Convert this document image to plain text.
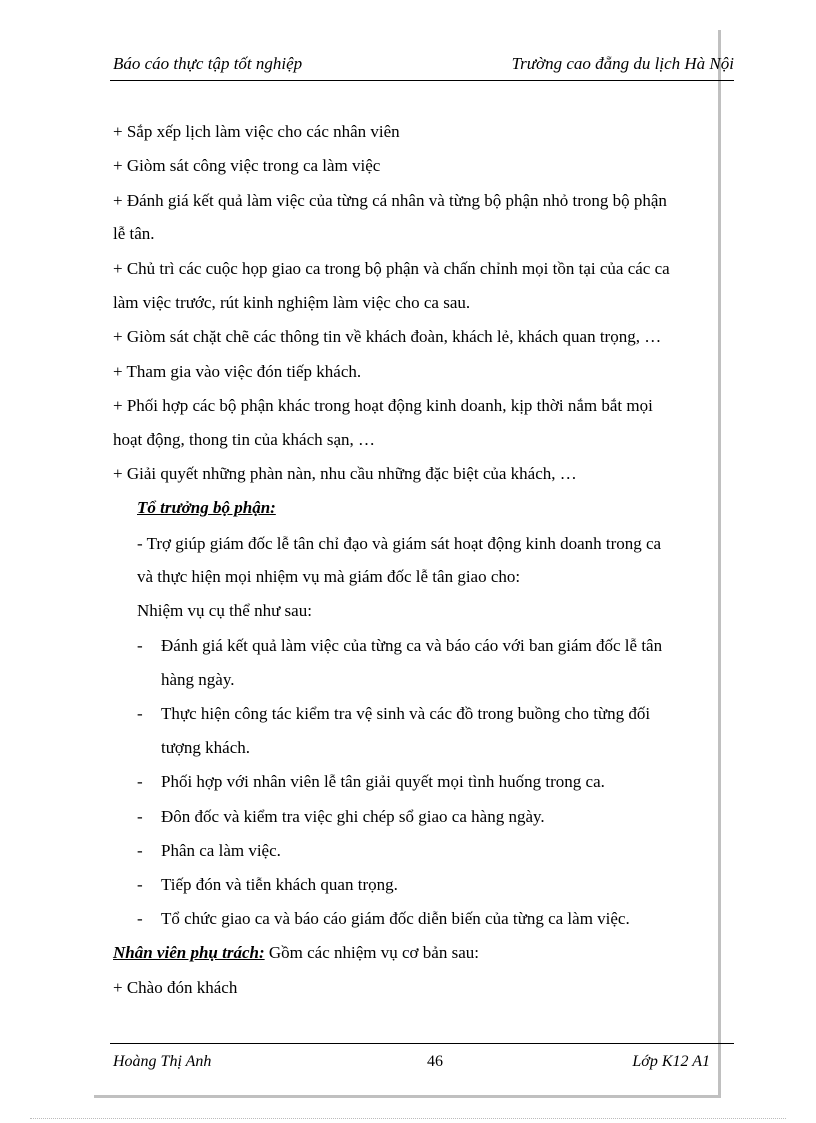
Báo cáo thực tập tốt nghiệp	Trường cao đẵng du lịch Hà Nội
+ Sắp xếp lịch làm việc cho các nhân viên
+ Giòm sát công việc trong ca làm việc
+ Đánh giá kết quả làm việc của từng cá nhân và từng bộ phận nhỏ trong bộ phận
lễ tân.
+ Chủ trì các cuộc họp giao ca trong bộ phận và chấn chỉnh mọi tồn tại của các ca
làm việc trước, rút kinh nghiệm làm việc cho ca sau.
+ Giòm sát chặt chẽ các thông tin về khách đoàn, khách lẻ, khách quan trọng, …
+ Tham gia vào việc đón tiếp khách.
+ Phối hợp các bộ phận khác trong hoạt động kinh doanh, kịp thời nắm bắt mọi
hoạt động, thong tin của khách sạn, …
+ Giải quyết những phàn nàn, nhu cầu những đặc biệt của khách, …
Tổ trưởng bộ phận:
- Trợ giúp giám đốc lễ tân chỉ đạo và giám sát hoạt động kinh doanh trong ca
và thực hiện mọi nhiệm vụ mà giám đốc lễ tân giao cho:
Nhiệm vụ cụ thể như sau:
- Đánh giá kết quả làm việc của từng ca và báo cáo với ban giám đốc lễ tân
hàng ngày.
- Thực hiện công tác kiểm tra vệ sinh và các đồ trong buồng cho từng đối
tượng khách.
- Phối hợp với nhân viên lễ tân giải quyết mọi tình huống trong ca.
- Đôn đốc và kiểm tra việc ghi chép sổ giao ca hàng ngày.
- Phân ca làm việc.
- Tiếp đón và tiễn khách quan trọng.
- Tổ chức giao ca và báo cáo giám đốc diễn biến của từng ca làm việc.
Nhân viên phụ trách: Gồm các nhiệm vụ cơ bản sau:
+ Chào đón khách
Hoàng Thị Anh	46	Lớp K12 A1
